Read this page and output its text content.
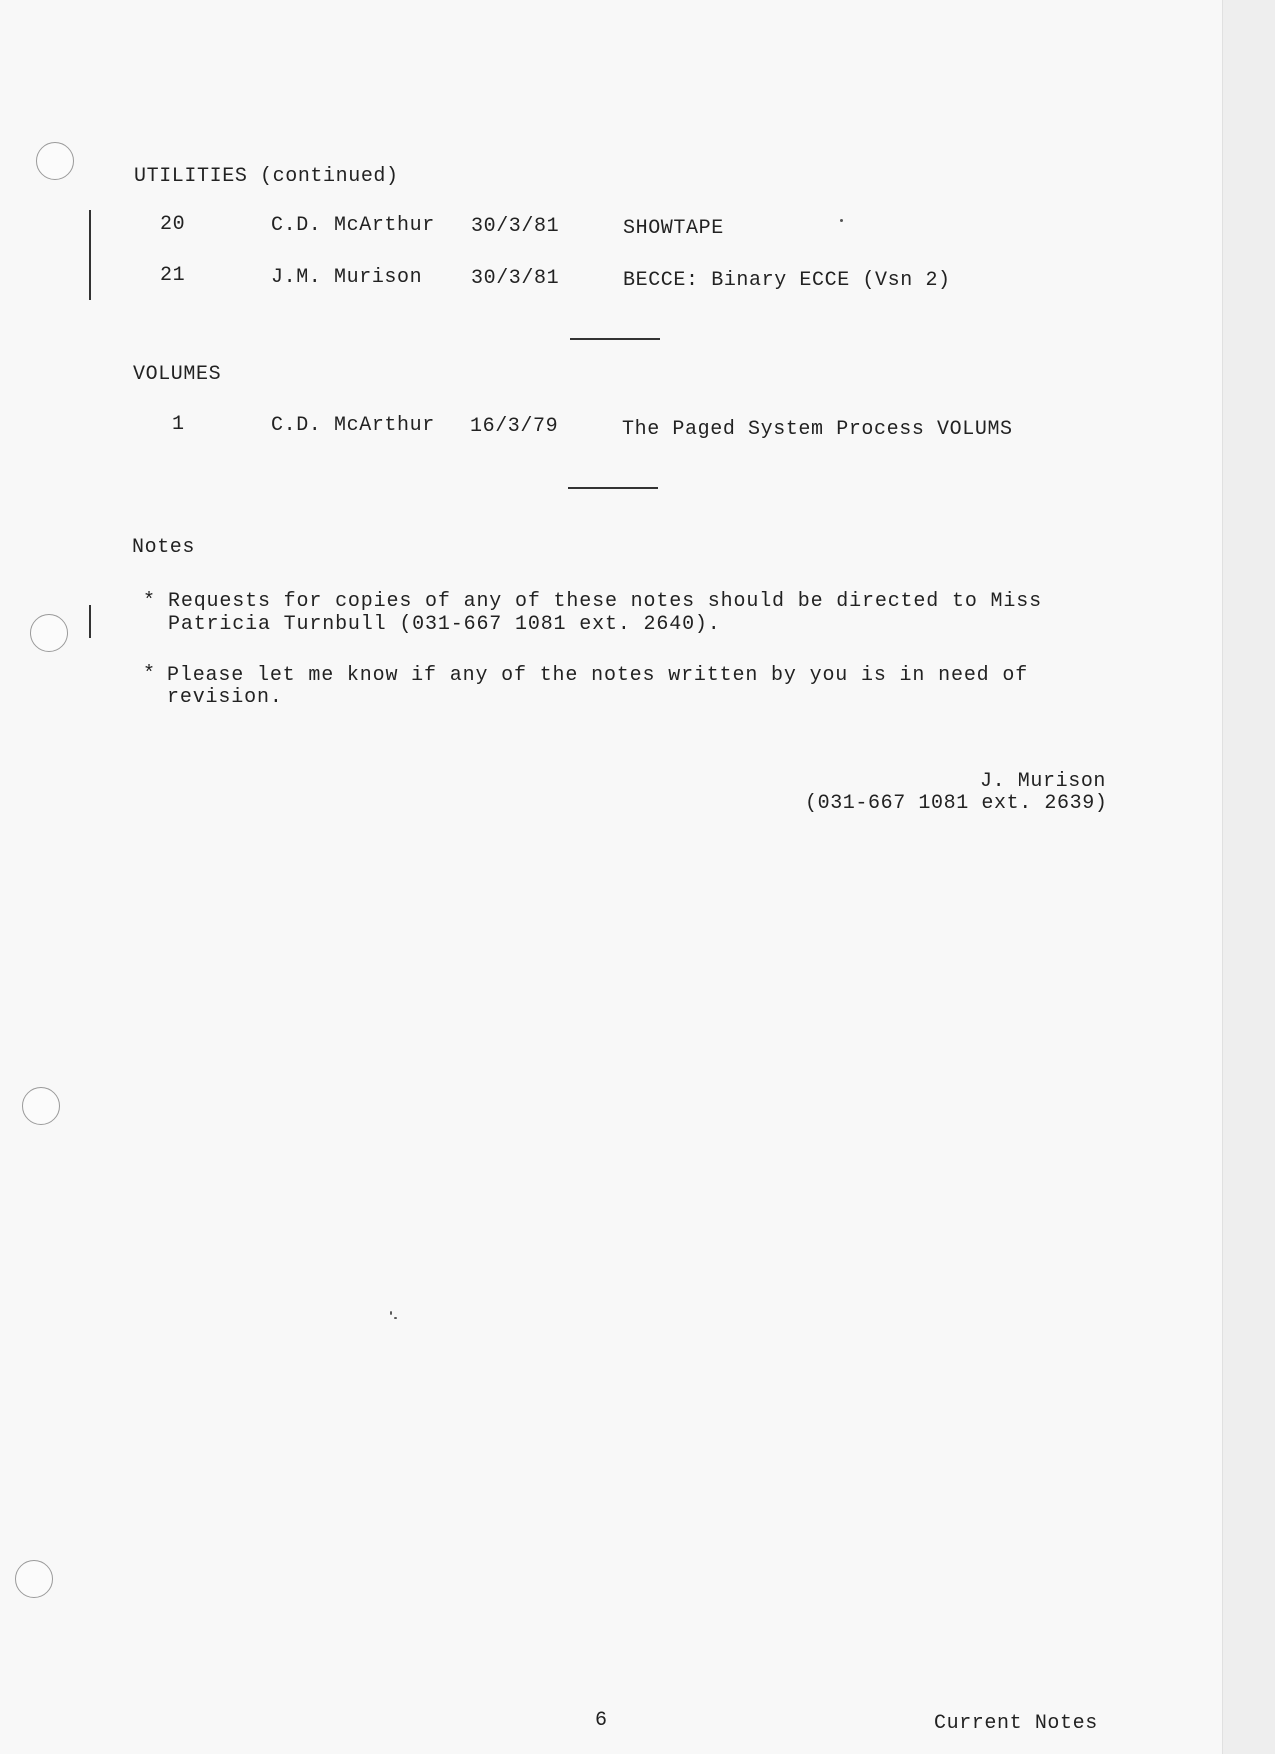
UTILITIES (continued)
20	C.D. McArthur 30/3/81	SHOWTAPE
21	J.M. Murison 30/3/81	BECCE: Binary ECCE (Vsn 2)
VOLUMES
1	C.D. McArthur 16/3/79	The Paged System Process VOLUMS
Notes
* Requests for copies of any of these notes should be directed to Miss
Patricia Turnbull (031-667 1081 ext. 2640).
* Please let me know if any of the notes written by you is in need of
revision.
J. Murison
(031-667 1081 ext. 2639)
6	Current Notes
